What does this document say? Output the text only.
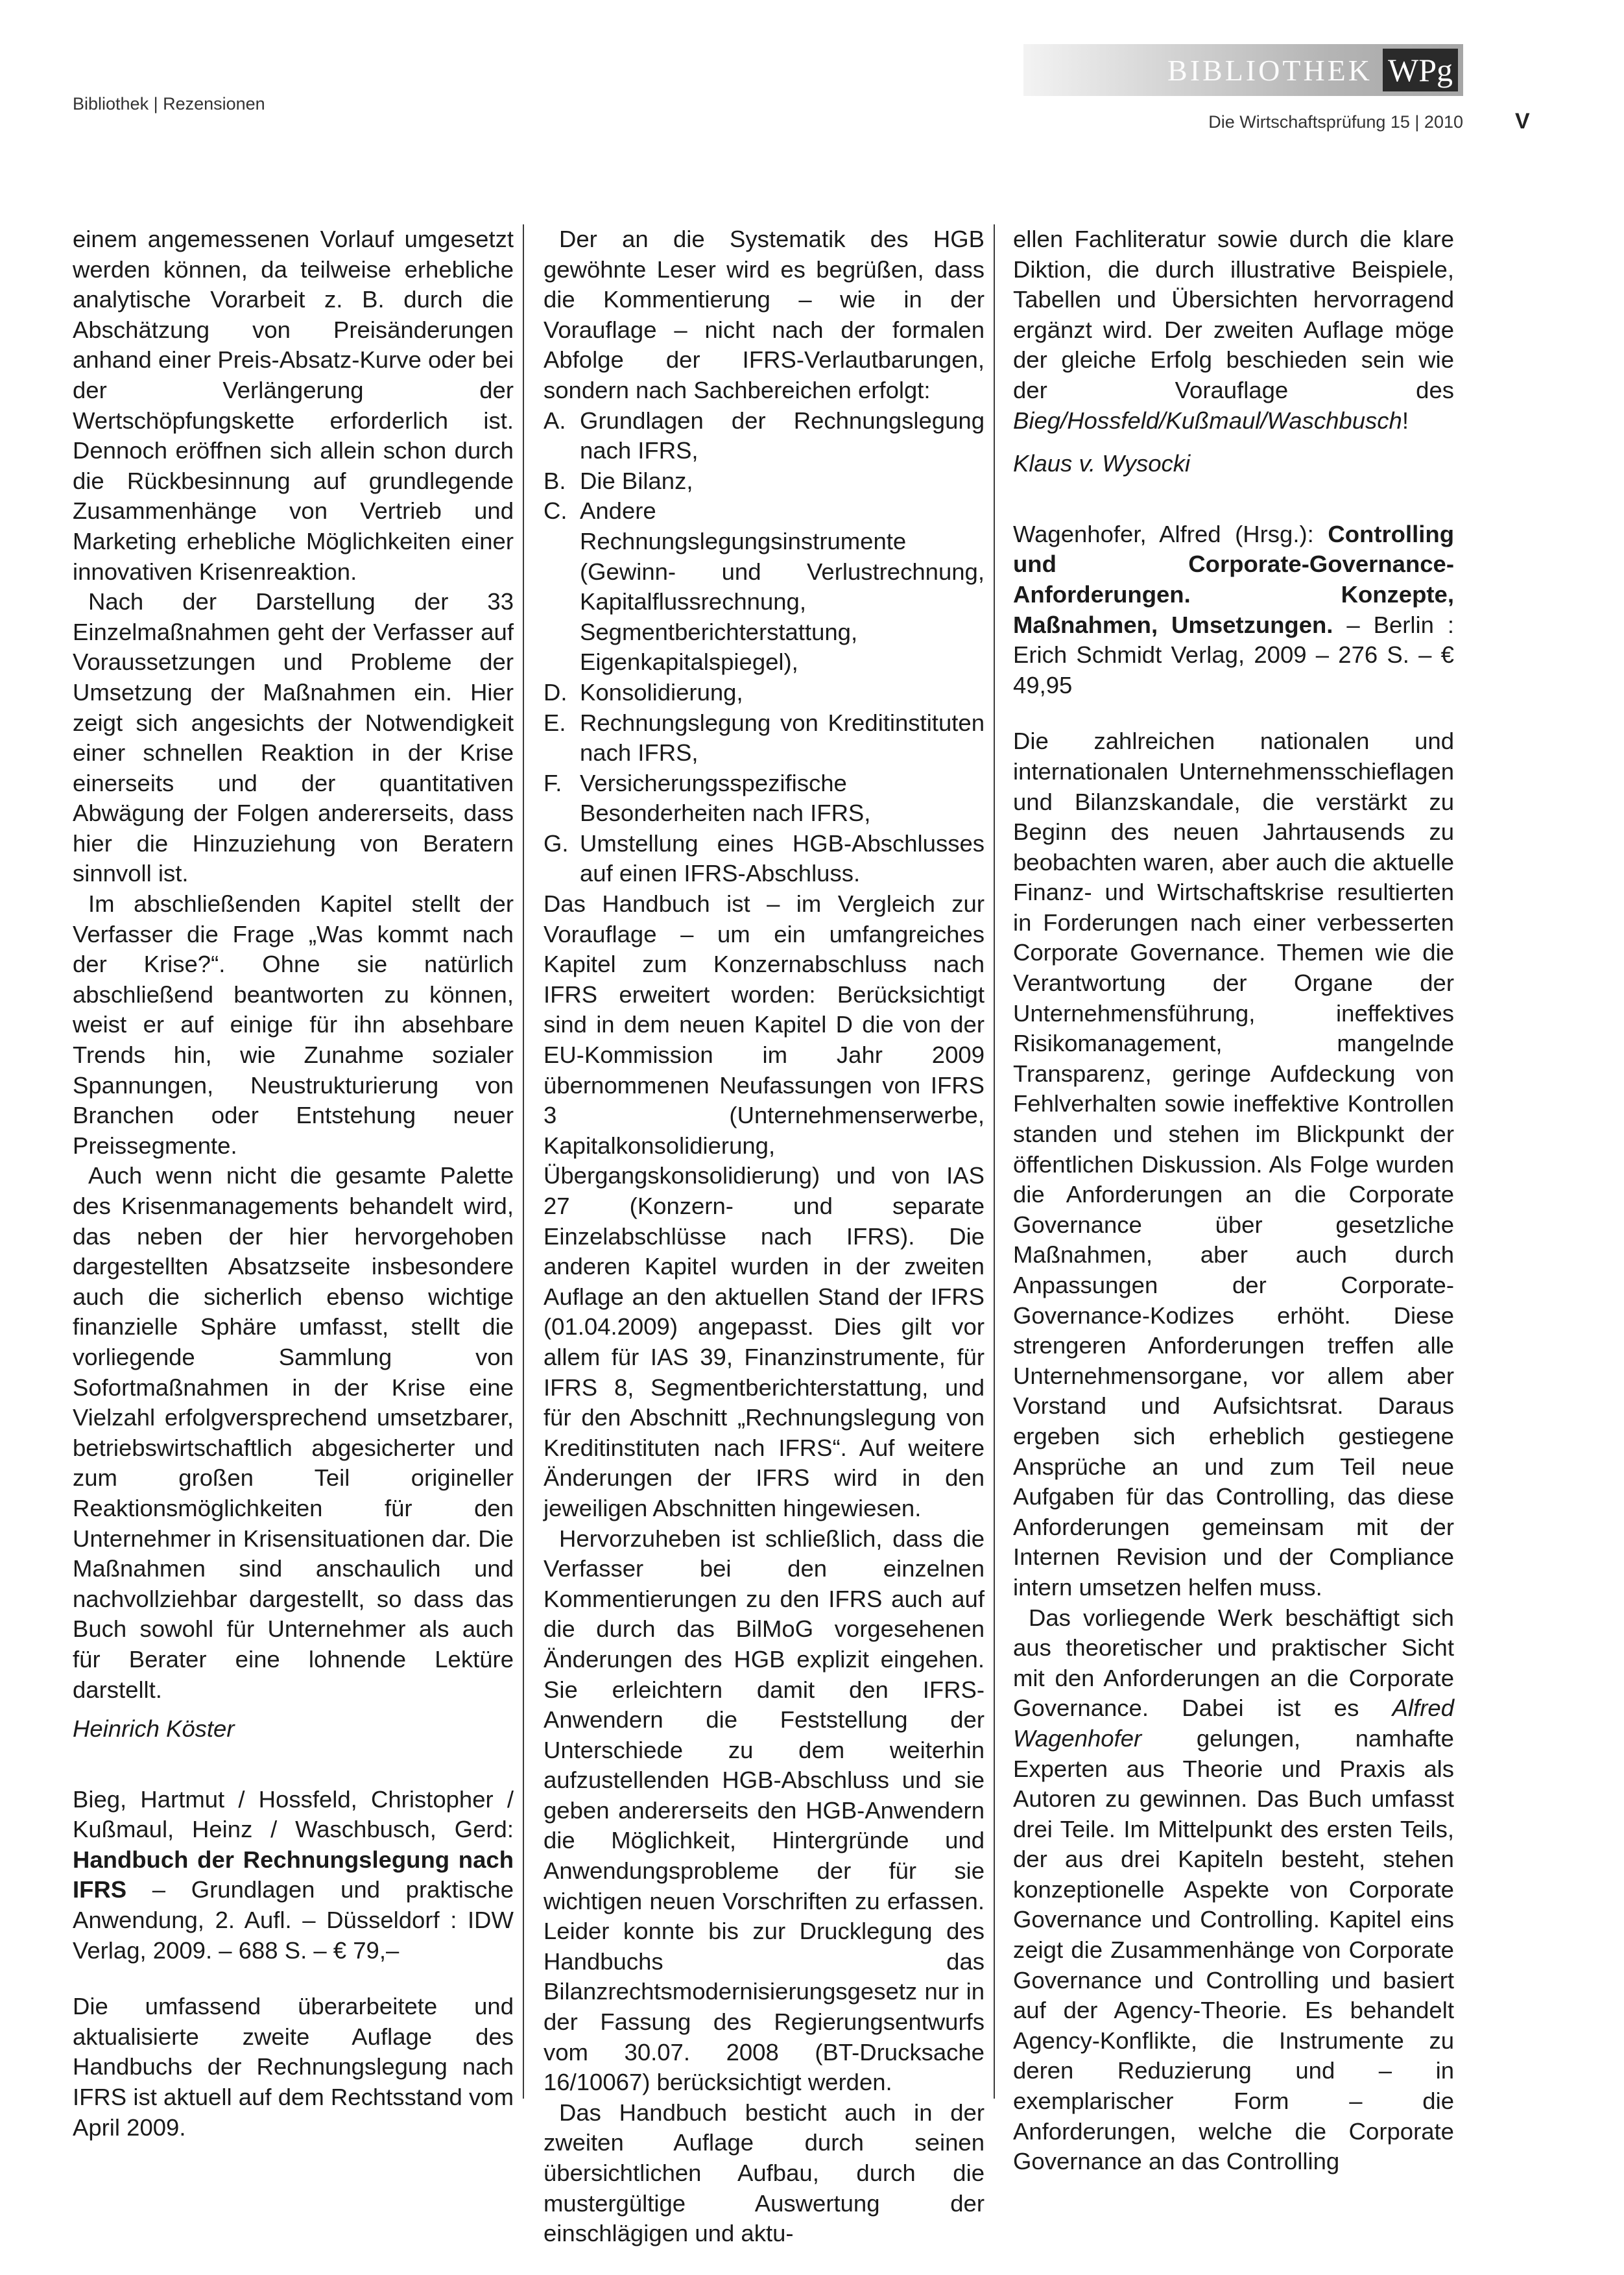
Bibliothek | Rezensionen
BIBLIOTHEK WPg
Die Wirtschaftsprüfung 15 | 2010 V

einem angemessenen Vorlauf umgesetzt werden können, da teilweise erhebliche analytische Vorarbeit z. B. durch die Abschätzung von Preisänderungen anhand einer Preis-Absatz-Kurve oder bei der Verlängerung der Wertschöpfungskette erforderlich ist. Dennoch eröffnen sich allein schon durch die Rückbesinnung auf grundlegende Zusammenhänge von Vertrieb und Marketing erhebliche Möglichkeiten einer innovativen Krisenreaktion.

Nach der Darstellung der 33 Einzelmaßnahmen geht der Verfasser auf Voraussetzungen und Probleme der Umsetzung der Maßnahmen ein. Hier zeigt sich angesichts der Notwendigkeit einer schnellen Reaktion in der Krise einerseits und der quantitativen Abwägung der Folgen andererseits, dass hier die Hinzuziehung von Beratern sinnvoll ist.

Im abschließenden Kapitel stellt der Verfasser die Frage „Was kommt nach der Krise?“. Ohne sie natürlich abschließend beantworten zu können, weist er auf einige für ihn absehbare Trends hin, wie Zunahme sozialer Spannungen, Neustrukturierung von Branchen oder Entstehung neuer Preissegmente.

Auch wenn nicht die gesamte Palette des Krisenmanagements behandelt wird, das neben der hier hervorgehoben dargestellten Absatzseite insbesondere auch die sicherlich ebenso wichtige finanzielle Sphäre umfasst, stellt die vorliegende Sammlung von Sofortmaßnahmen in der Krise eine Vielzahl erfolgversprechend umsetzbarer, betriebswirtschaftlich abgesicherter und zum großen Teil origineller Reaktionsmöglichkeiten für den Unternehmer in Krisensituationen dar. Die Maßnahmen sind anschaulich und nachvollziehbar dargestellt, so dass das Buch sowohl für Unternehmer als auch für Berater eine lohnende Lektüre darstellt.

Heinrich Köster

Bieg, Hartmut / Hossfeld, Christopher / Kußmaul, Heinz / Waschbusch, Gerd: Handbuch der Rechnungslegung nach IFRS – Grundlagen und praktische Anwendung, 2. Aufl. – Düsseldorf : IDW Verlag, 2009. – 688 S. – € 79,–

Die umfassend überarbeitete und aktualisierte zweite Auflage des Handbuchs der Rechnungslegung nach IFRS ist aktuell auf dem Rechtsstand vom April 2009.

Der an die Systematik des HGB gewöhnte Leser wird es begrüßen, dass die Kommentierung – wie in der Vorauflage – nicht nach der formalen Abfolge der IFRS-Verlautbarungen, sondern nach Sachbereichen erfolgt:

A. Grundlagen der Rechnungslegung nach IFRS,
B. Die Bilanz,
C. Andere Rechnungslegungsinstrumente (Gewinn- und Verlustrechnung, Kapitalflussrechnung, Segmentberichterstattung, Eigenkapitalspiegel),
D. Konsolidierung,
E. Rechnungslegung von Kreditinstituten nach IFRS,
F. Versicherungsspezifische Besonderheiten nach IFRS,
G. Umstellung eines HGB-Abschlusses auf einen IFRS-Abschluss.

Das Handbuch ist – im Vergleich zur Vorauflage – um ein umfangreiches Kapitel zum Konzernabschluss nach IFRS erweitert worden: Berücksichtigt sind in dem neuen Kapitel D die von der EU-Kommission im Jahr 2009 übernommenen Neufassungen von IFRS 3 (Unternehmenserwerbe, Kapitalkonsolidierung, Übergangskonsolidierung) und von IAS 27 (Konzern- und separate Einzelabschlüsse nach IFRS). Die anderen Kapitel wurden in der zweiten Auflage an den aktuellen Stand der IFRS (01.04.2009) angepasst. Dies gilt vor allem für IAS 39, Finanzinstrumente, für IFRS 8, Segmentberichterstattung, und für den Abschnitt „Rechnungslegung von Kreditinstituten nach IFRS“. Auf weitere Änderungen der IFRS wird in den jeweiligen Abschnitten hingewiesen.

Hervorzuheben ist schließlich, dass die Verfasser bei den einzelnen Kommentierungen zu den IFRS auch auf die durch das BilMoG vorgesehenen Änderungen des HGB explizit eingehen. Sie erleichtern damit den IFRS-Anwendern die Feststellung der Unterschiede zu dem weiterhin aufzustellenden HGB-Abschluss und sie geben andererseits den HGB-Anwendern die Möglichkeit, Hintergründe und Anwendungsprobleme der für sie wichtigen neuen Vorschriften zu erfassen. Leider konnte bis zur Drucklegung des Handbuchs das Bilanzrechtsmodernisierungsgesetz nur in der Fassung des Regierungsentwurfs vom 30.07. 2008 (BT-Drucksache 16/10067) berücksichtigt werden.

Das Handbuch besticht auch in der zweiten Auflage durch seinen übersichtlichen Aufbau, durch die mustergültige Auswertung der einschlägigen und aktu-

ellen Fachliteratur sowie durch die klare Diktion, die durch illustrative Beispiele, Tabellen und Übersichten hervorragend ergänzt wird. Der zweiten Auflage möge der gleiche Erfolg beschieden sein wie der Vorauflage des Bieg/Hossfeld/Kußmaul/Waschbusch!

Klaus v. Wysocki

Wagenhofer, Alfred (Hrsg.): Controlling und Corporate-Governance-Anforderungen. Konzepte, Maßnahmen, Umsetzungen. – Berlin : Erich Schmidt Verlag, 2009 – 276 S. – € 49,95

Die zahlreichen nationalen und internationalen Unternehmensschieflagen und Bilanzskandale, die verstärkt zu Beginn des neuen Jahrtausends zu beobachten waren, aber auch die aktuelle Finanz- und Wirtschaftskrise resultierten in Forderungen nach einer verbesserten Corporate Governance. Themen wie die Verantwortung der Organe der Unternehmensführung, ineffektives Risikomanagement, mangelnde Transparenz, geringe Aufdeckung von Fehlverhalten sowie ineffektive Kontrollen standen und stehen im Blickpunkt der öffentlichen Diskussion. Als Folge wurden die Anforderungen an die Corporate Governance über gesetzliche Maßnahmen, aber auch durch Anpassungen der Corporate-Governance-Kodizes erhöht. Diese strengeren Anforderungen treffen alle Unternehmensorgane, vor allem aber Vorstand und Aufsichtsrat. Daraus ergeben sich erheblich gestiegene Ansprüche an und zum Teil neue Aufgaben für das Controlling, das diese Anforderungen gemeinsam mit der Internen Revision und der Compliance intern umsetzen helfen muss.

Das vorliegende Werk beschäftigt sich aus theoretischer und praktischer Sicht mit den Anforderungen an die Corporate Governance. Dabei ist es Alfred Wagenhofer gelungen, namhafte Experten aus Theorie und Praxis als Autoren zu gewinnen. Das Buch umfasst drei Teile. Im Mittelpunkt des ersten Teils, der aus drei Kapiteln besteht, stehen konzeptionelle Aspekte von Corporate Governance und Controlling. Kapitel eins zeigt die Zusammenhänge von Corporate Governance und Controlling und basiert auf der Agency-Theorie. Es behandelt Agency-Konflikte, die Instrumente zu deren Reduzierung und – in exemplarischer Form – die Anforderungen, welche die Corporate Governance an das Controlling
